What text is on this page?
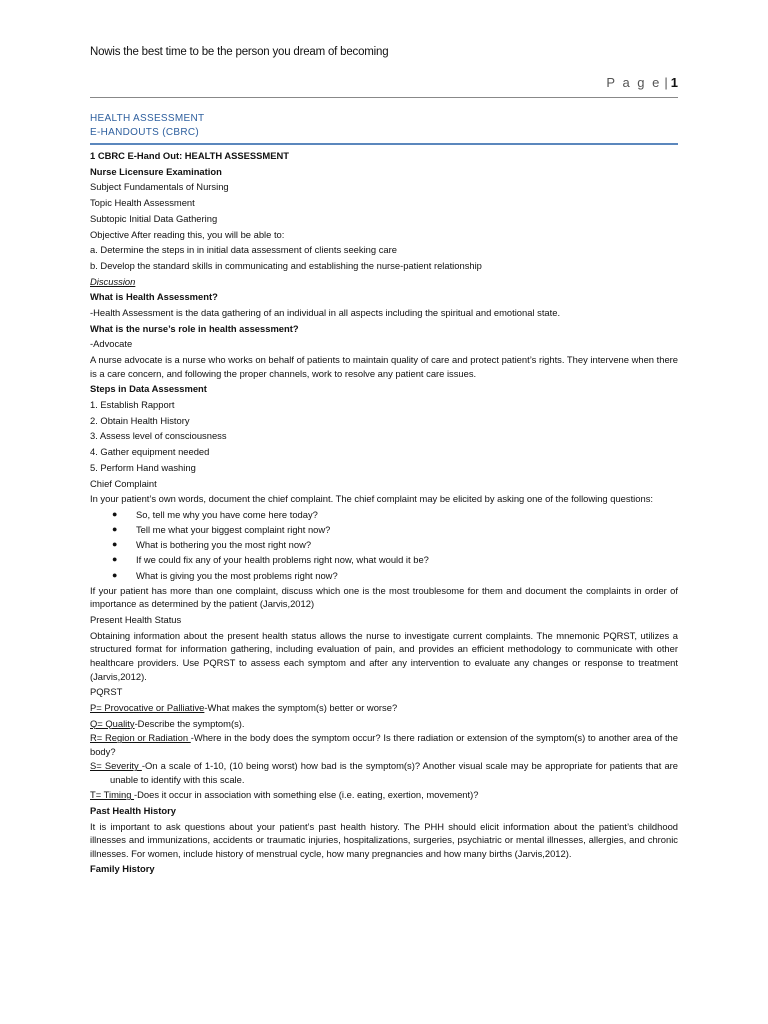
Nowis the best time to be the person you dream of becoming
P a g e | 1
HEALTH ASSESSMENT
E-HANDOUTS (CBRC)

1 CBRC E-Hand Out: HEALTH ASSESSMENT

Nurse Licensure Examination

Subject Fundamentals of Nursing

Topic Health Assessment

Subtopic Initial Data Gathering

Objective After reading this, you will be able to:

a. Determine the steps in in initial data assessment of clients seeking care

b. Develop the standard skills in communicating and establishing the nurse-patient relationship

Discussion

What is Health Assessment?

-Health Assessment is the data gathering of an individual in all aspects including the spiritual and emotional state.

What is the nurse’s role in health assessment?

-Advocate

A nurse advocate is a nurse who works on behalf of patients to maintain quality of care and protect patient’s rights. They intervene when there is a care concern, and following the proper channels, work to resolve any patient care issues.

Steps in Data Assessment

1. Establish Rapport

2. Obtain Health History

3. Assess level of consciousness

4. Gather equipment needed

5. Perform Hand washing

Chief Complaint

In your patient’s own words, document the chief complaint. The chief complaint may be elicited by asking one of the following questions:

● So, tell me why you have come here today?

● Tell me what your biggest complaint right now?

● What is bothering you the most right now?

● If we could fix any of your health problems right now, what would it be?

● What is giving you the most problems right now?

If your patient has more than one complaint, discuss which one is the most troublesome for them and document the complaints in order of importance as determined by the patient (Jarvis,2012)

Present Health Status

Obtaining information about the present health status allows the nurse to investigate current complaints. The mnemonic PQRST, utilizes a structured format for information gathering, including evaluation of pain, and provides an efficient methodology to communicate with other healthcare providers. Use PQRST to assess each symptom and after any intervention to evaluate any changes or response to treatment (Jarvis,2012).

PQRST

P= Provocative or Palliative-What makes the symptom(s) better or worse?

Q= Quality-Describe the symptom(s).

R= Region or Radiation -Where in the body does the symptom occur? Is there radiation or extension of the symptom(s) to another area of the body?

S= Severity -On a scale of 1-10, (10 being worst) how bad is the symptom(s)? Another visual scale may be appropriate for patients that are unable to identify with this scale.

T= Timing -Does it occur in association with something else (i.e. eating, exertion, movement)?

Past Health History

It is important to ask questions about your patient’s past health history. The PHH should elicit information about the patient’s childhood illnesses and immunizations, accidents or traumatic injuries, hospitalizations, surgeries, psychiatric or mental illnesses, allergies, and chronic illnesses. For women, include history of menstrual cycle, how many pregnancies and how many births (Jarvis,2012).

Family History
